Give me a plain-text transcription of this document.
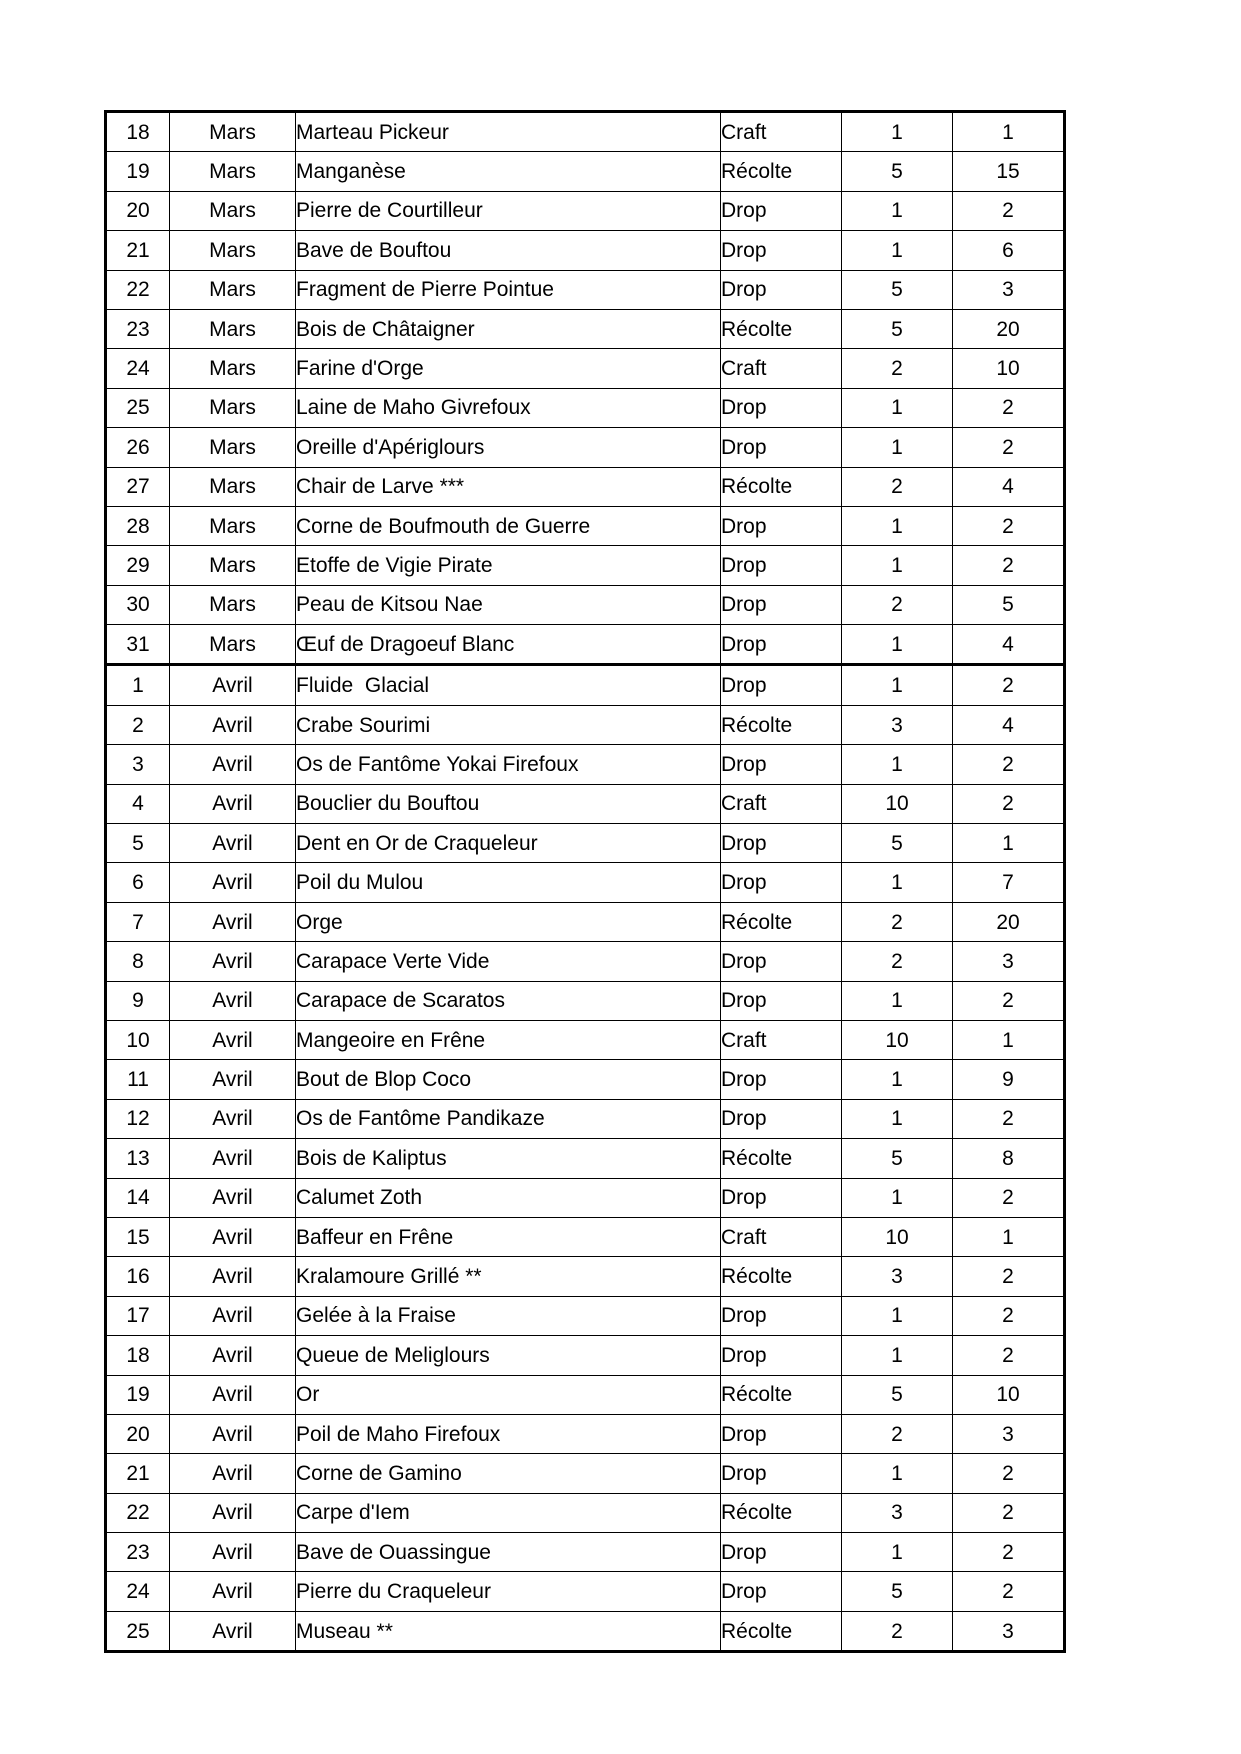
18	Mars	Marteau Pickeur	Craft	1	1
19	Mars	Manganèse	Récolte	5	15
20	Mars	Pierre de Courtilleur	Drop	1	2
21	Mars	Bave de Bouftou	Drop	1	6
22	Mars	Fragment de Pierre Pointue	Drop	5	3
23	Mars	Bois de Châtaigner	Récolte	5	20
24	Mars	Farine d'Orge	Craft	2	10
25	Mars	Laine de Maho Givrefoux	Drop	1	2
26	Mars	Oreille d'Apériglours	Drop	1	2
27	Mars	Chair de Larve ***	Récolte	2	4
28	Mars	Corne de Boufmouth de Guerre	Drop	1	2
29	Mars	Etoffe de Vigie Pirate	Drop	1	2
30	Mars	Peau de Kitsou Nae	Drop	2	5
31	Mars	Œuf de Dragoeuf Blanc	Drop	1	4
1	Avril	Fluide  Glacial	Drop	1	2
2	Avril	Crabe Sourimi	Récolte	3	4
3	Avril	Os de Fantôme Yokai Firefoux	Drop	1	2
4	Avril	Bouclier du Bouftou	Craft	10	2
5	Avril	Dent en Or de Craqueleur	Drop	5	1
6	Avril	Poil du Mulou	Drop	1	7
7	Avril	Orge	Récolte	2	20
8	Avril	Carapace Verte Vide	Drop	2	3
9	Avril	Carapace de Scaratos	Drop	1	2
10	Avril	Mangeoire en Frêne	Craft	10	1
11	Avril	Bout de Blop Coco	Drop	1	9
12	Avril	Os de Fantôme Pandikaze	Drop	1	2
13	Avril	Bois de Kaliptus	Récolte	5	8
14	Avril	Calumet Zoth	Drop	1	2
15	Avril	Baffeur en Frêne	Craft	10	1
16	Avril	Kralamoure Grillé **	Récolte	3	2
17	Avril	Gelée à la Fraise	Drop	1	2
18	Avril	Queue de Meliglours	Drop	1	2
19	Avril	Or	Récolte	5	10
20	Avril	Poil de Maho Firefoux	Drop	2	3
21	Avril	Corne de Gamino	Drop	1	2
22	Avril	Carpe d'Iem	Récolte	3	2
23	Avril	Bave de Ouassingue	Drop	1	2
24	Avril	Pierre du Craqueleur	Drop	5	2
25	Avril	Museau **	Récolte	2	3
